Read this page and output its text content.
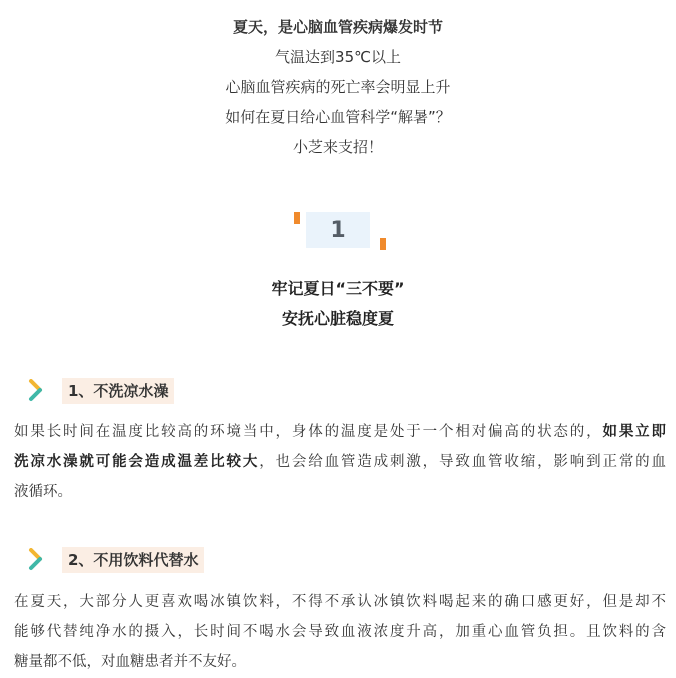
夏天，是心脑血管疾病爆发时节
气温达到35℃以上
心脑血管疾病的死亡率会明显上升
如何在夏日给心血管科学“解暑”？
小芝来支招！
1
牢记夏日“三不要”
安抚心脏稳度夏
1、不洗凉水澡
如果长时间在温度比较高的环境当中，身体的温度是处于一个相对偏高的状态的，如果立即
洗凉水澡就可能会造成温差比较大，也会给血管造成刺激，导致血管收缩，影响到正常的血
液循环。
2、不用饮料代替水
在夏天，大部分人更喜欢喝冰镇饮料，不得不承认冰镇饮料喝起来的确口感更好，但是却不
能够代替纯净水的摄入，长时间不喝水会导致血液浓度升高，加重心血管负担。且饮料的含
糖量都不低，对血糖患者并不友好。
